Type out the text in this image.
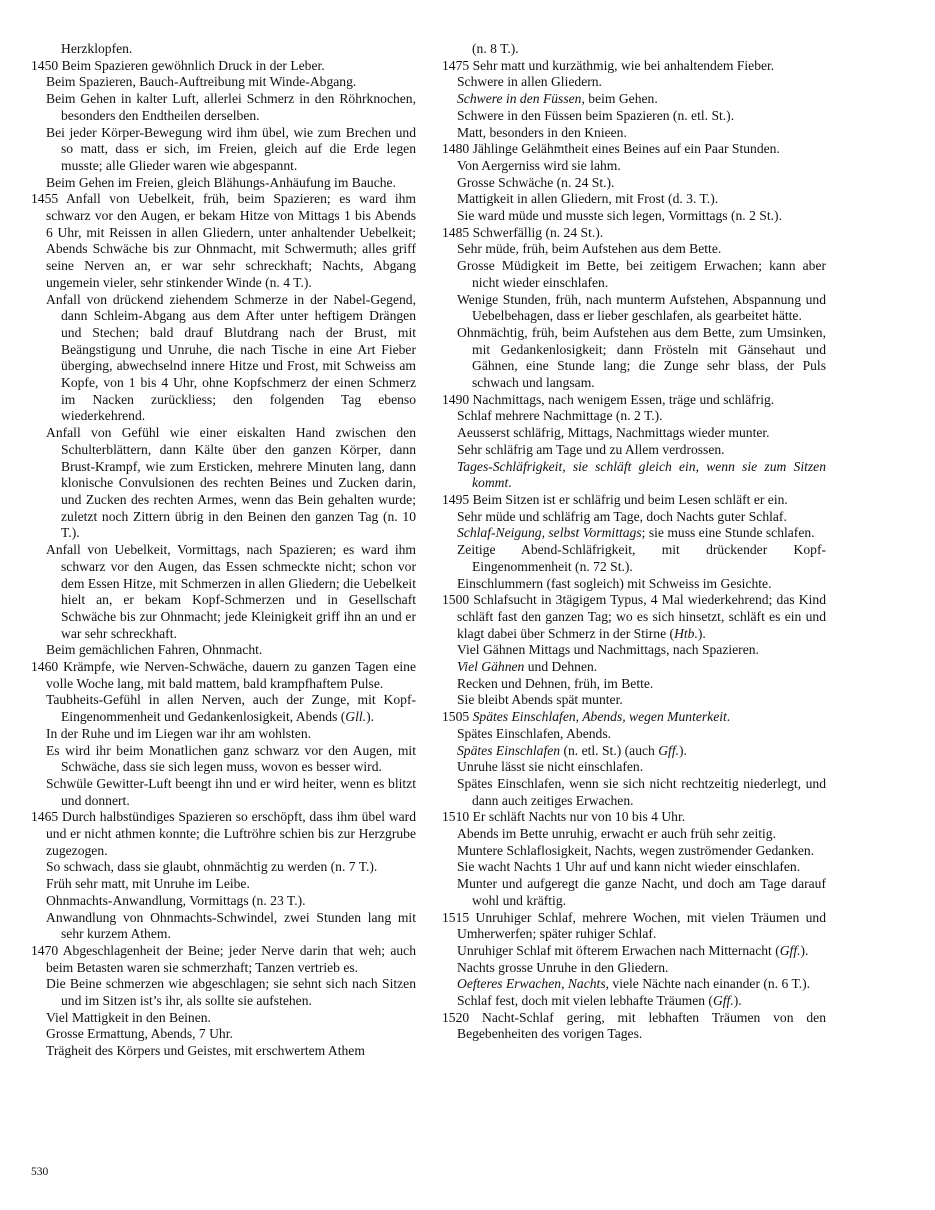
Herzklopfen.

1450 Beim Spazieren gewöhnlich Druck in der Leber.

Beim Spazieren, Bauch-Auftreibung mit Winde-Abgang.

Beim Gehen in kalter Luft, allerlei Schmerz in den Röhrknochen, besonders den Endtheilen derselben.

Bei jeder Körper-Bewegung wird ihm übel, wie zum Brechen und so matt, dass er sich, im Freien, gleich auf die Erde legen musste; alle Glieder waren wie abgespannt.

Beim Gehen im Freien, gleich Blähungs-Anhäufung im Bauche.

1455 Anfall von Uebelkeit, früh, beim Spazieren; es ward ihm schwarz vor den Augen, er bekam Hitze von Mittags 1 bis Abends 6 Uhr, mit Reissen in allen Gliedern, unter anhaltender Uebelkeit; Abends Schwäche bis zur Ohnmacht, mit Schwermuth; alles griff seine Nerven an, er war sehr schreckhaft; Nachts, Abgang ungemein vieler, sehr stinkender Winde (n. 4 T.).

Anfall von drückend ziehendem Schmerze in der Nabel-Gegend, dann Schleim-Abgang aus dem After unter heftigem Drängen und Stechen; bald drauf Blutdrang nach der Brust, mit Beängstigung und Unruhe, die nach Tische in eine Art Fieber überging, abwechselnd innere Hitze und Frost, mit Schweiss am Kopfe, von 1 bis 4 Uhr, ohne Kopfschmerz der einen Schmerz im Nacken zurückliess; den folgenden Tag ebenso wiederkehrend.

Anfall von Gefühl wie einer eiskalten Hand zwischen den Schulterblättern, dann Kälte über den ganzen Körper, dann Brust-Krampf, wie zum Ersticken, mehrere Minuten lang, dann klonische Convulsionen des rechten Beines und Zucken darin, und Zucken des rechten Armes, wenn das Bein gehalten wurde; zuletzt noch Zittern übrig in den Beinen den ganzen Tag (n. 10 T.).

Anfall von Uebelkeit, Vormittags, nach Spazieren; es ward ihm schwarz vor den Augen, das Essen schmeckte nicht; schon vor dem Essen Hitze, mit Schmerzen in allen Gliedern; die Uebelkeit hielt an, er bekam Kopf-Schmerzen und in Gesellschaft Schwäche bis zur Ohnmacht; jede Kleinigkeit griff ihn an und er war sehr schreckhaft.

Beim gemächlichen Fahren, Ohnmacht.

1460 Krämpfe, wie Nerven-Schwäche, dauern zu ganzen Tagen eine volle Woche lang, mit bald mattem, bald krampfhaftem Pulse.

Taubheits-Gefühl in allen Nerven, auch der Zunge, mit Kopf-Eingenommenheit und Gedankenlosigkeit, Abends (Gll.).

In der Ruhe und im Liegen war ihr am wohlsten.

Es wird ihr beim Monatlichen ganz schwarz vor den Augen, mit Schwäche, dass sie sich legen muss, wovon es besser wird.

Schwüle Gewitter-Luft beengt ihn und er wird heiter, wenn es blitzt und donnert.

1465 Durch halbstündiges Spazieren so erschöpft, dass ihm übel ward und er nicht athmen konnte; die Luftröhre schien bis zur Herzgrube zugezogen.

So schwach, dass sie glaubt, ohnmächtig zu werden (n. 7 T.).

Früh sehr matt, mit Unruhe im Leibe.

Ohnmachts-Anwandlung, Vormittags (n. 23 T.).

Anwandlung von Ohnmachts-Schwindel, zwei Stunden lang mit sehr kurzem Athem.

1470 Abgeschlagenheit der Beine; jeder Nerve darin that weh; auch beim Betasten waren sie schmerzhaft; Tanzen vertrieb es.

Die Beine schmerzen wie abgeschlagen; sie sehnt sich nach Sitzen und im Sitzen ist’s ihr, als sollte sie aufstehen.

Viel Mattigkeit in den Beinen.

Grosse Ermattung, Abends, 7 Uhr.

Trägheit des Körpers und Geistes, mit erschwertem Athem

(n. 8 T.).

1475 Sehr matt und kurzäthmig, wie bei anhaltendem Fieber.

Schwere in allen Gliedern.

Schwere in den Füssen, beim Gehen.

Schwere in den Füssen beim Spazieren (n. etl. St.).

Matt, besonders in den Knieen.

1480 Jählinge Gelähmtheit eines Beines auf ein Paar Stunden.

Von Aergerniss wird sie lahm.

Grosse Schwäche (n. 24 St.).

Mattigkeit in allen Gliedern, mit Frost (d. 3. T.).

Sie ward müde und musste sich legen, Vormittags (n. 2 St.).

1485 Schwerfällig (n. 24 St.).

Sehr müde, früh, beim Aufstehen aus dem Bette.

Grosse Müdigkeit im Bette, bei zeitigem Erwachen; kann aber nicht wieder einschlafen.

Wenige Stunden, früh, nach munterm Aufstehen, Abspannung und Uebelbehagen, dass er lieber geschlafen, als gearbeitet hätte.

Ohnmächtig, früh, beim Aufstehen aus dem Bette, zum Umsinken, mit Gedankenlosigkeit; dann Frösteln mit Gänsehaut und Gähnen, eine Stunde lang; die Zunge sehr blass, der Puls schwach und langsam.

1490 Nachmittags, nach wenigem Essen, träge und schläfrig.

Schlaf mehrere Nachmittage (n. 2 T.).

Aeusserst schläfrig, Mittags, Nachmittags wieder munter.

Sehr schläfrig am Tage und zu Allem verdrossen.

Tages-Schläfrigkeit, sie schläft gleich ein, wenn sie zum Sitzen kommt.

1495 Beim Sitzen ist er schläfrig und beim Lesen schläft er ein.

Sehr müde und schläfrig am Tage, doch Nachts guter Schlaf.

Schlaf-Neigung, selbst Vormittags; sie muss eine Stunde schlafen.

Zeitige Abend-Schläfrigkeit, mit drückender Kopf-Eingenommenheit (n. 72 St.).

Einschlummern (fast sogleich) mit Schweiss im Gesichte.

1500 Schlafsucht in 3tägigem Typus, 4 Mal wiederkehrend; das Kind schläft fast den ganzen Tag; wo es sich hinsetzt, schläft es ein und klagt dabei über Schmerz in der Stirne (Htb.).

Viel Gähnen Mittags und Nachmittags, nach Spazieren.

Viel Gähnen und Dehnen.

Recken und Dehnen, früh, im Bette.

Sie bleibt Abends spät munter.

1505 Spätes Einschlafen, Abends, wegen Munterkeit.

Spätes Einschlafen, Abends.

Spätes Einschlafen (n. etl. St.) (auch Gff.).

Unruhe lässt sie nicht einschlafen.

Spätes Einschlafen, wenn sie sich nicht rechtzeitig niederlegt, und dann auch zeitiges Erwachen.

1510 Er schläft Nachts nur von 10 bis 4 Uhr.

Abends im Bette unruhig, erwacht er auch früh sehr zeitig.

Muntere Schlaflosigkeit, Nachts, wegen zuströmender Gedanken.

Sie wacht Nachts 1 Uhr auf und kann nicht wieder einschlafen.

Munter und aufgeregt die ganze Nacht, und doch am Tage darauf wohl und kräftig.

1515 Unruhiger Schlaf, mehrere Wochen, mit vielen Träumen und Umherwerfen; später ruhiger Schlaf.

Unruhiger Schlaf mit öfterem Erwachen nach Mitternacht (Gff.).

Nachts grosse Unruhe in den Gliedern.

Oefteres Erwachen, Nachts, viele Nächte nach einander (n. 6 T.).

Schlaf fest, doch mit vielen lebhafte Träumen (Gff.).

1520 Nacht-Schlaf gering, mit lebhaften Träumen von den Begebenheiten des vorigen Tages.

530
